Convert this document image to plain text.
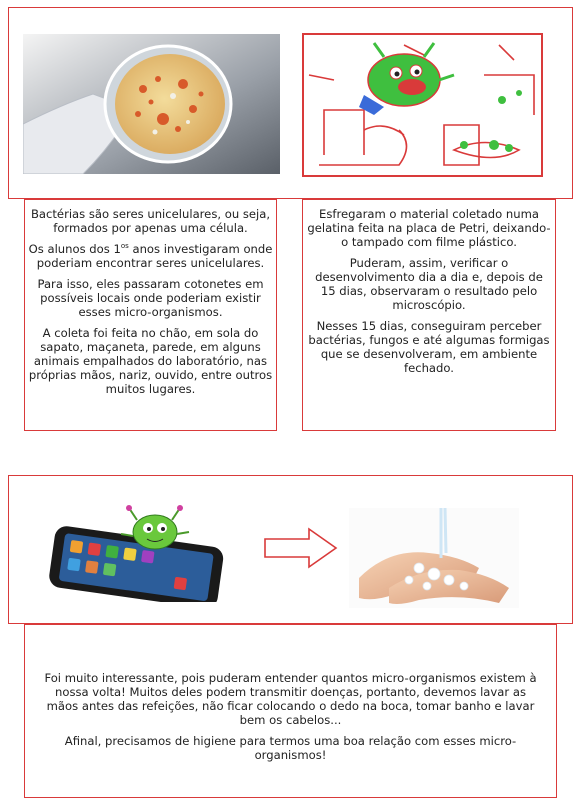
Bactérias são seres unicelulares, ou seja, formados por apenas uma célula.

Os alunos dos $1^{os}$ anos investigaram onde poderiam encontrar seres unicelulares.

Para isso, eles passaram cotonetes em possíveis locais onde poderiam existir esses micro-organismos.

A coleta foi feita no chão, em sola do sapato, maçaneta, parede, em alguns animais empalhados do laboratório, nas próprias mãos, nariz, ouvido, entre outros muitos lugares.

Esfregaram o material coletado numa gelatina feita na placa de Petri, deixando-o tampado com filme plástico.

Puderam, assim, verificar o desenvolvimento dia a dia e, depois de 15 dias, observaram o resultado pelo microscópio.

Nesses 15 dias, conseguiram perceber bactérias, fungos e até algumas formigas que se desenvolveram, em ambiente fechado.

Foi muito interessante, pois puderam entender quantos micro-organismos existem à nossa volta! Muitos deles podem transmitir doenças, portanto, devemos lavar as mãos antes das refeições, não ficar colocando o dedo na boca, tomar banho e lavar bem os cabelos...

Afinal, precisamos de higiene para termos uma boa relação com esses micro-organismos!
